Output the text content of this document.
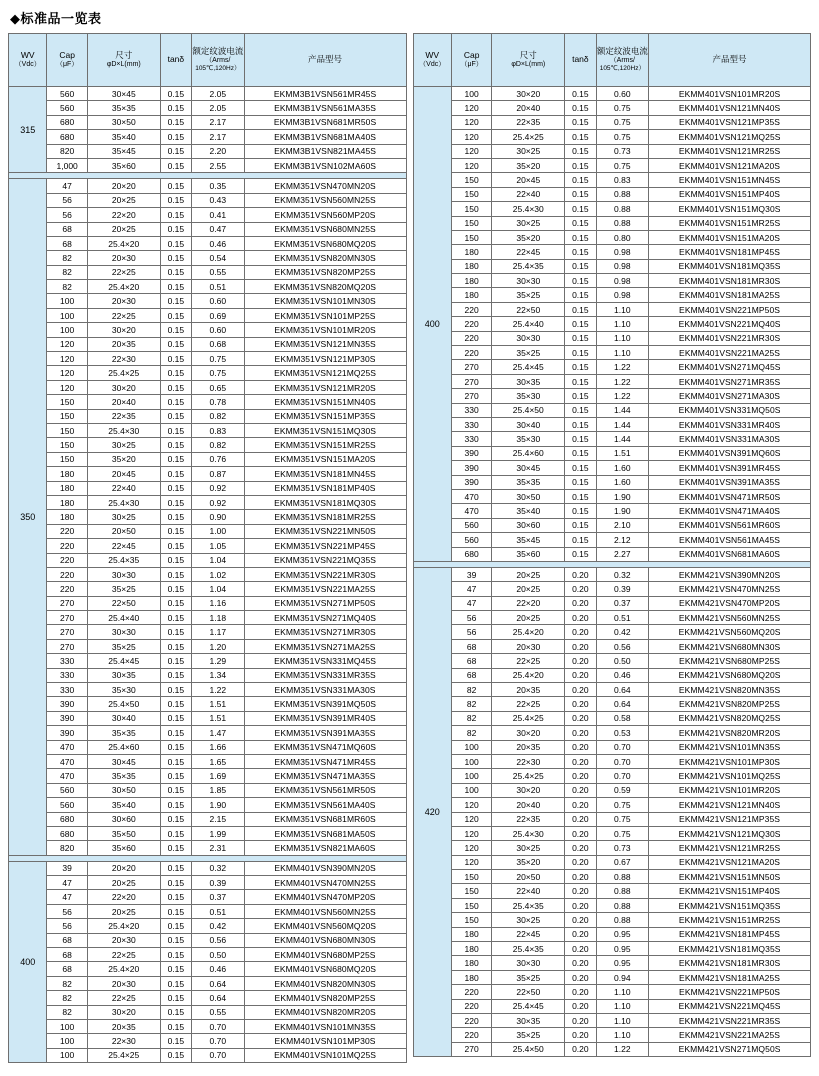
◆标准品一览表
WV
（Vdc）	Cap
（μF）	尺寸
φD×L(mm)	tanδ	额定纹波电流
（Arms/
105℃,120Hz）	产品型号
315	560	30×45	0.15	2.05	EKMM3B1VSN561MR45S
	560	35×35	0.15	2.05	EKMM3B1VSN561MA35S
	680	30×50	0.15	2.17	EKMM3B1VSN681MR50S
	680	35×40	0.15	2.17	EKMM3B1VSN681MA40S
	820	35×45	0.15	2.20	EKMM3B1VSN821MA45S
	1,000	35×60	0.15	2.55	EKMM3B1VSN102MA60S

350	47	20×20	0.15	0.35	EKMM351VSN470MN20S
	56	20×25	0.15	0.43	EKMM351VSN560MN25S
	56	22×20	0.15	0.41	EKMM351VSN560MP20S
	68	20×25	0.15	0.47	EKMM351VSN680MN25S
	68	25.4×20	0.15	0.46	EKMM351VSN680MQ20S
	82	20×30	0.15	0.54	EKMM351VSN820MN30S
	82	22×25	0.15	0.55	EKMM351VSN820MP25S
	82	25.4×20	0.15	0.51	EKMM351VSN820MQ20S
	100	20×30	0.15	0.60	EKMM351VSN101MN30S
	100	22×25	0.15	0.69	EKMM351VSN101MP25S
	100	30×20	0.15	0.60	EKMM351VSN101MR20S
	120	20×35	0.15	0.68	EKMM351VSN121MN35S
	120	22×30	0.15	0.75	EKMM351VSN121MP30S
	120	25.4×25	0.15	0.75	EKMM351VSN121MQ25S
	120	30×20	0.15	0.65	EKMM351VSN121MR20S
	150	20×40	0.15	0.78	EKMM351VSN151MN40S
	150	22×35	0.15	0.82	EKMM351VSN151MP35S
	150	25.4×30	0.15	0.83	EKMM351VSN151MQ30S
	150	30×25	0.15	0.82	EKMM351VSN151MR25S
	150	35×20	0.15	0.76	EKMM351VSN151MA20S
	180	20×45	0.15	0.87	EKMM351VSN181MN45S
	180	22×40	0.15	0.92	EKMM351VSN181MP40S
	180	25.4×30	0.15	0.92	EKMM351VSN181MQ30S
	180	30×25	0.15	0.90	EKMM351VSN181MR25S
	220	20×50	0.15	1.00	EKMM351VSN221MN50S
	220	22×45	0.15	1.05	EKMM351VSN221MP45S
	220	25.4×35	0.15	1.04	EKMM351VSN221MQ35S
	220	30×30	0.15	1.02	EKMM351VSN221MR30S
	220	35×25	0.15	1.04	EKMM351VSN221MA25S
	270	22×50	0.15	1.16	EKMM351VSN271MP50S
	270	25.4×40	0.15	1.18	EKMM351VSN271MQ40S
	270	30×30	0.15	1.17	EKMM351VSN271MR30S
	270	35×25	0.15	1.20	EKMM351VSN271MA25S
	330	25.4×45	0.15	1.29	EKMM351VSN331MQ45S
	330	30×35	0.15	1.34	EKMM351VSN331MR35S
	330	35×30	0.15	1.22	EKMM351VSN331MA30S
	390	25.4×50	0.15	1.51	EKMM351VSN391MQ50S
	390	30×40	0.15	1.51	EKMM351VSN391MR40S
	390	35×35	0.15	1.47	EKMM351VSN391MA35S
	470	25.4×60	0.15	1.66	EKMM351VSN471MQ60S
	470	30×45	0.15	1.65	EKMM351VSN471MR45S
	470	35×35	0.15	1.69	EKMM351VSN471MA35S
	560	30×50	0.15	1.85	EKMM351VSN561MR50S
	560	35×40	0.15	1.90	EKMM351VSN561MA40S
	680	30×60	0.15	2.15	EKMM351VSN681MR60S
	680	35×50	0.15	1.99	EKMM351VSN681MA50S
	820	35×60	0.15	2.31	EKMM351VSN821MA60S

400	39	20×20	0.15	0.32	EKMM401VSN390MN20S
	47	20×25	0.15	0.39	EKMM401VSN470MN25S
	47	22×20	0.15	0.37	EKMM401VSN470MP20S
	56	20×25	0.15	0.51	EKMM401VSN560MN25S
	56	25.4×20	0.15	0.42	EKMM401VSN560MQ20S
	68	20×30	0.15	0.56	EKMM401VSN680MN30S
	68	22×25	0.15	0.50	EKMM401VSN680MP25S
	68	25.4×20	0.15	0.46	EKMM401VSN680MQ20S
	82	20×30	0.15	0.64	EKMM401VSN820MN30S
	82	22×25	0.15	0.64	EKMM401VSN820MP25S
	82	30×20	0.15	0.55	EKMM401VSN820MR20S
	100	20×35	0.15	0.70	EKMM401VSN101MN35S
	100	22×30	0.15	0.70	EKMM401VSN101MP30S
	100	25.4×25	0.15	0.70	EKMM401VSN101MQ25S
WV
（Vdc）	Cap
（μF）	尺寸
φD×L(mm)	tanδ	额定纹波电流
（Arms/
105℃,120Hz）	产品型号
400	100	30×20	0.15	0.60	EKMM401VSN101MR20S
	120	20×40	0.15	0.75	EKMM401VSN121MN40S
	120	22×35	0.15	0.75	EKMM401VSN121MP35S
	120	25.4×25	0.15	0.75	EKMM401VSN121MQ25S
	120	30×25	0.15	0.73	EKMM401VSN121MR25S
	120	35×20	0.15	0.75	EKMM401VSN121MA20S
	150	20×45	0.15	0.83	EKMM401VSN151MN45S
	150	22×40	0.15	0.88	EKMM401VSN151MP40S
	150	25.4×30	0.15	0.88	EKMM401VSN151MQ30S
	150	30×25	0.15	0.88	EKMM401VSN151MR25S
	150	35×20	0.15	0.80	EKMM401VSN151MA20S
	180	22×45	0.15	0.98	EKMM401VSN181MP45S
	180	25.4×35	0.15	0.98	EKMM401VSN181MQ35S
	180	30×30	0.15	0.98	EKMM401VSN181MR30S
	180	35×25	0.15	0.98	EKMM401VSN181MA25S
	220	22×50	0.15	1.10	EKMM401VSN221MP50S
	220	25.4×40	0.15	1.10	EKMM401VSN221MQ40S
	220	30×30	0.15	1.10	EKMM401VSN221MR30S
	220	35×25	0.15	1.10	EKMM401VSN221MA25S
	270	25.4×45	0.15	1.22	EKMM401VSN271MQ45S
	270	30×35	0.15	1.22	EKMM401VSN271MR35S
	270	35×30	0.15	1.22	EKMM401VSN271MA30S
	330	25.4×50	0.15	1.44	EKMM401VSN331MQ50S
	330	30×40	0.15	1.44	EKMM401VSN331MR40S
	330	35×30	0.15	1.44	EKMM401VSN331MA30S
	390	25.4×60	0.15	1.51	EKMM401VSN391MQ60S
	390	30×45	0.15	1.60	EKMM401VSN391MR45S
	390	35×35	0.15	1.60	EKMM401VSN391MA35S
	470	30×50	0.15	1.90	EKMM401VSN471MR50S
	470	35×40	0.15	1.90	EKMM401VSN471MA40S
	560	30×60	0.15	2.10	EKMM401VSN561MR60S
	560	35×45	0.15	2.12	EKMM401VSN561MA45S
	680	35×60	0.15	2.27	EKMM401VSN681MA60S

420	39	20×25	0.20	0.32	EKMM421VSN390MN20S
	47	20×25	0.20	0.39	EKMM421VSN470MN25S
	47	22×20	0.20	0.37	EKMM421VSN470MP20S
	56	20×25	0.20	0.51	EKMM421VSN560MN25S
	56	25.4×20	0.20	0.42	EKMM421VSN560MQ20S
	68	20×30	0.20	0.56	EKMM421VSN680MN30S
	68	22×25	0.20	0.50	EKMM421VSN680MP25S
	68	25.4×20	0.20	0.46	EKMM421VSN680MQ20S
	82	20×35	0.20	0.64	EKMM421VSN820MN35S
	82	22×25	0.20	0.64	EKMM421VSN820MP25S
	82	25.4×25	0.20	0.58	EKMM421VSN820MQ25S
	82	30×20	0.20	0.53	EKMM421VSN820MR20S
	100	20×35	0.20	0.70	EKMM421VSN101MN35S
	100	22×30	0.20	0.70	EKMM421VSN101MP30S
	100	25.4×25	0.20	0.70	EKMM421VSN101MQ25S
	100	30×20	0.20	0.59	EKMM421VSN101MR20S
	120	20×40	0.20	0.75	EKMM421VSN121MN40S
	120	22×35	0.20	0.75	EKMM421VSN121MP35S
	120	25.4×30	0.20	0.75	EKMM421VSN121MQ30S
	120	30×25	0.20	0.73	EKMM421VSN121MR25S
	120	35×20	0.20	0.67	EKMM421VSN121MA20S
	150	20×50	0.20	0.88	EKMM421VSN151MN50S
	150	22×40	0.20	0.88	EKMM421VSN151MP40S
	150	25.4×35	0.20	0.88	EKMM421VSN151MQ35S
	150	30×25	0.20	0.88	EKMM421VSN151MR25S
	180	22×45	0.20	0.95	EKMM421VSN181MP45S
	180	25.4×35	0.20	0.95	EKMM421VSN181MQ35S
	180	30×30	0.20	0.95	EKMM421VSN181MR30S
	180	35×25	0.20	0.94	EKMM421VSN181MA25S
	220	22×50	0.20	1.10	EKMM421VSN221MP50S
	220	25.4×45	0.20	1.10	EKMM421VSN221MQ45S
	220	30×35	0.20	1.10	EKMM421VSN221MR35S
	220	35×25	0.20	1.10	EKMM421VSN221MA25S
	270	25.4×50	0.20	1.22	EKMM421VSN271MQ50S
